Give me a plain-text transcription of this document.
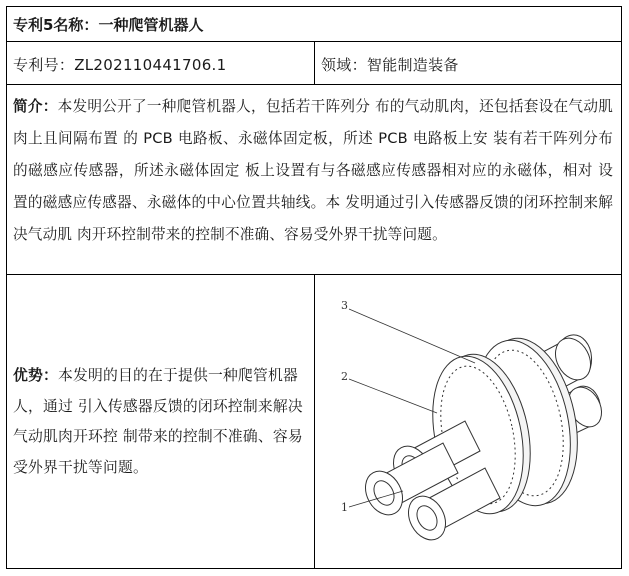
专利5名称：一种爬管机器人
专利号：ZL202110441706.1	领域：智能制造装备
简介：本发明公开了一种爬管机器人，包括若干阵列分 布的气动肌肉，还包括套设在气动肌肉上且间隔布置 的 PCB 电路板、永磁体固定板，所述 PCB 电路板上安 装有若干阵列分布的磁感应传感器，所述永磁体固定 板上设置有与各磁感应传感器相对应的永磁体，相对 设置的磁感应传感器、永磁体的中心位置共轴线。本 发明通过引入传感器反馈的闭环控制来解决气动肌 肉开环控制带来的控制不准确、容易受外界干扰等问题。
优势：本发明的目的在于提供一种爬管机器人，通过 引入传感器反馈的闭环控制来解决气动肌肉开环控 制带来的控制不准确、容易受外界干扰等问题。
3
2
1
